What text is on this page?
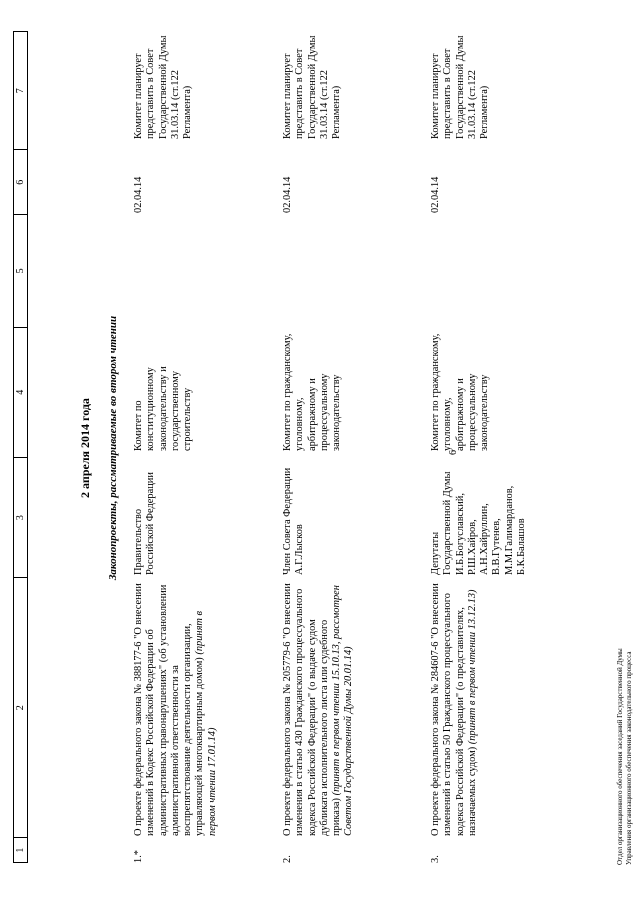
6
1
2
3
4
5
6
7
2 апреля 2014 года Законопроекты, рассматриваемые во втором чтении
1.*
О проекте федерального закона № 388177-6 "О внесении изменений в Кодекс Российской Федерации об административных правонарушениях" (об установлении административной ответственности за воспрепятствование деятельности организации, управляющей многоквартирным домом) (принят в первом чтении 17.01.14)
Правительство Российской Федерации
Комитет по конституционному законодательству и государственному строительству
02.04.14
Комитет планирует представить в Совет Государственной Думы 31.03.14 (ст.122 Регламента)
2.
О проекте федерального закона № 205779-6 "О внесении изменения в статью 430 Гражданского процессуального кодекса Российской Федерации" (о выдаче судом дубликата исполнительного листа или судебного приказа) (принят в первом чтении 15.10.13, рассмотрен Советом Государственной Думы 20.01.14)
Член Совета Федерации А.Г.Лысков
Комитет по гражданскому, уголовному, арбитражному и процессуальному законодательству
02.04.14
Комитет планирует представить в Совет Государственной Думы 31.03.14 (ст.122 Регламента)
3.
О проекте федерального закона № 284607-6 "О внесении изменений в статью 50 Гражданского процессуального кодекса Российской Федерации" (о представителях, назначаемых судом) (принят в первом чтении 13.12.13)
Депутаты Государственной Думы И.Б.Богуславский, Р.Ш.Хайров, А.Н.Хайруллин, В.В.Гутенев, М.М.Галимарданов, Б.К.Балашов
Комитет по гражданскому, уголовному, арбитражному и процессуальному законодательству
02.04.14
Комитет планирует представить в Совет Государственной Думы 31.03.14 (ст.122 Регламента)
Отдел организационного обеспечения заседаний Государственной Думы Управления организационного обеспечения законодательного процесса
